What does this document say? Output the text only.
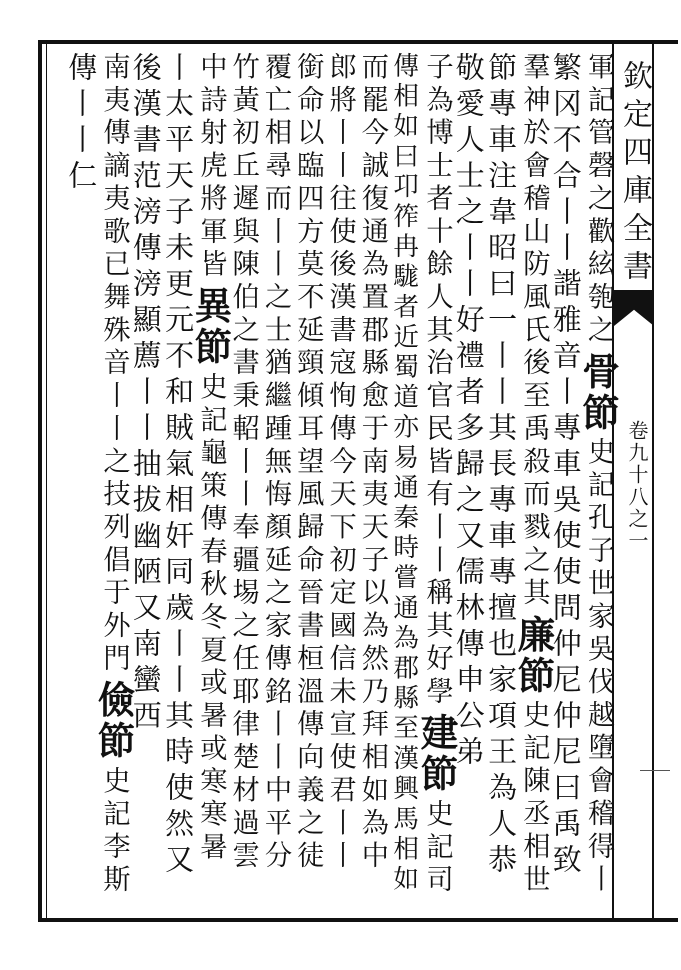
欽定四庫全書
卷九十八之一
軍記管磬之歡絃匏之
骨節
史記孔子世家吳伐越墮會稽得丨
繁冈不合丨丨諧雅音
丨專車吳使使問仲尼仲尼曰禹致
羣神於會稽山防風氏後至禹殺而戮之其
廉節
史記陳丞相世
節專車注韋昭曰一丨丨其長專車專擅也
家項王為人恭
敬愛人士之丨丨好禮者多歸之又儒林傳申公弟
子為博士者十餘人其治官民皆有丨丨稱其好學
建節
史記司
傳相如曰卭筰冉駹者近蜀道亦易通秦時嘗通為郡縣至漢興
馬相如
而罷今誠復通為置郡縣愈于南夷天子以為然乃拜相如為中
郎將丨丨往使後漢書寇恂傳今天下初定國信未宣使君丨丨
銜命以臨四方莫不延頸傾耳望風歸命晉書桓溫傳向義之徒
覆亡相尋而丨丨之士猶繼踵無悔顏延之家傳銘丨丨中平分
竹黃初丘遲與陳伯之書秉軺丨丨奉疆埸之任耶律楚材過雲
中詩射虎將軍皆
異節
史記龜策傳春秋冬夏或暑或寒寒暑
丨太平天子未更元
不和賊氣相奸同歲丨丨其時使然又
後漢書范滂傳滂顯薦丨丨抽拔幽陋又南蠻西
南夷傳謫夷歌已舞殊音丨丨之技列倡于外門
儉節
史記李斯
傳丨丨仁
